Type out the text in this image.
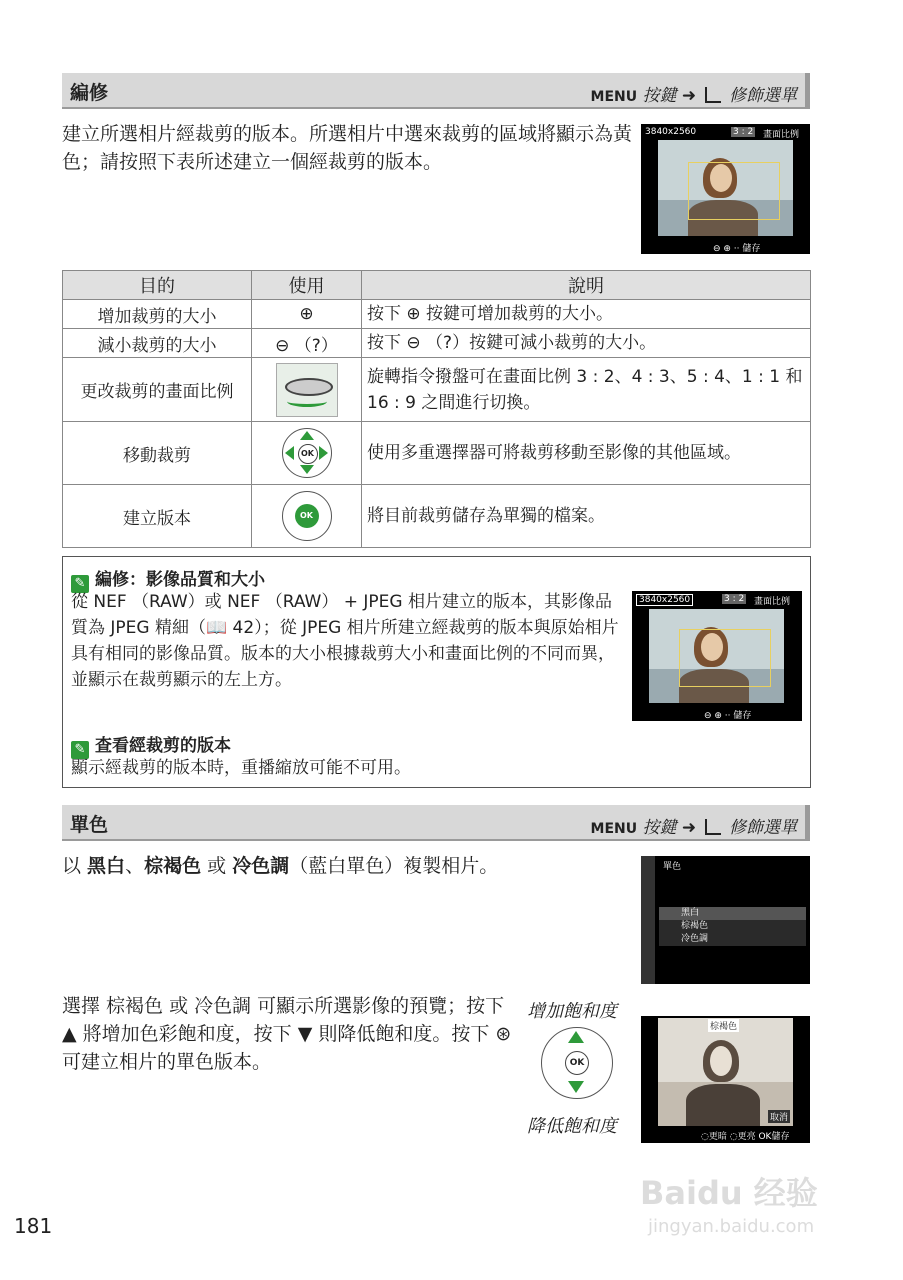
編修	MENU 按鍵 ➜ 修飾選單
建立所選相片經裁剪的版本。所選相片中選來裁剪的區域將顯示為黃色；請按照下表所述建立一個經裁剪的版本。
3840x2560	3 : 2 畫面比例
⊖ ⊕ ·· 儲存
目的	使用	說明
增加裁剪的大小	⊕	按下 ⊕ 按鍵可增加裁剪的大小。
減小裁剪的大小	⊖ （?）	按下 ⊖ （?）按鍵可減小裁剪的大小。
更改裁剪的畫面比例		旋轉指令撥盤可在畫面比例 3 : 2、4 : 3、5 : 4、1 : 1 和 16 : 9 之間進行切換。
移動裁剪	OK	使用多重選擇器可將裁剪移動至影像的其他區域。
建立版本	OK	將目前裁剪儲存為單獨的檔案。
✎ 編修：影像品質和大小
從 NEF （RAW）或 NEF （RAW） + JPEG 相片建立的版本，其影像品質為 JPEG 精細（📖 42）；從 JPEG 相片所建立經裁剪的版本與原始相片具有相同的影像品質。版本的大小根據裁剪大小和畫面比例的不同而異，並顯示在裁剪顯示的左上方。
3840x2560	3 : 2 畫面比例
⊖ ⊕ ·· 儲存
✎ 查看經裁剪的版本
顯示經裁剪的版本時，重播縮放可能不可用。
單色	MENU 按鍵 ➜ 修飾選單
以 黑白、棕褐色 或 冷色調（藍白單色）複製相片。	單色
黑白
棕褐色
冷色調
選擇 棕褐色 或 冷色調 可顯示所選影像的預覽；按下 ▲ 將增加色彩飽和度，按下 ▼ 則降低飽和度。按下 ⊛ 可建立相片的單色版本。
增加飽和度
OK
降低飽和度
棕褐色
取消
◌更暗 ◌更亮 OK儲存
181
Baidu 经验
jingyan.baidu.com
